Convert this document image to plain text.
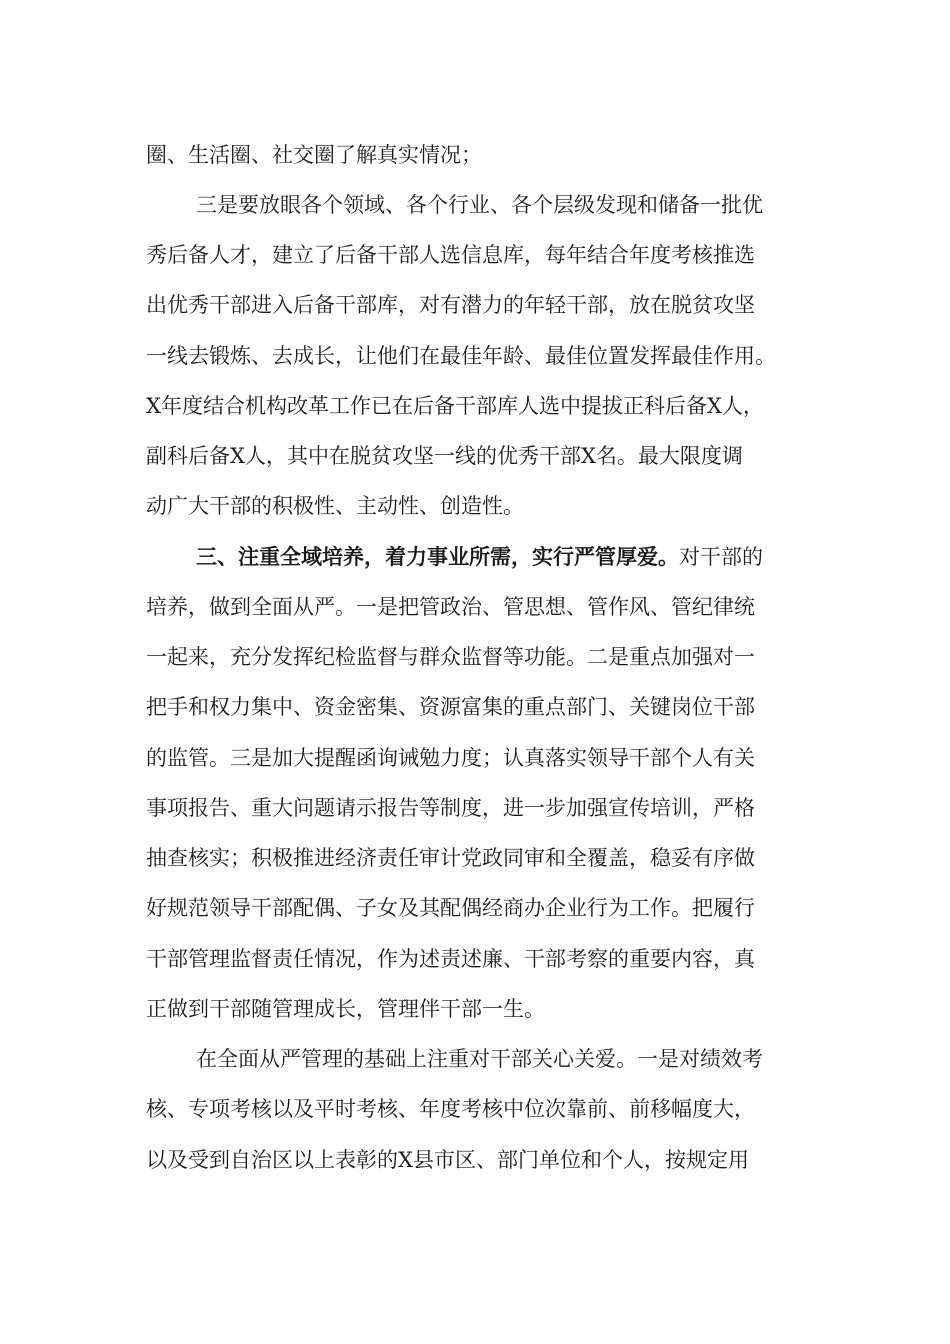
圈、生活圈、社交圈了解真实情况；
三是要放眼各个领域、各个行业、各个层级发现和储备一批优
秀后备人才，建立了后备干部人选信息库，每年结合年度考核推选
出优秀干部进入后备干部库，对有潜力的年轻干部，放在脱贫攻坚
一线去锻炼、去成长，让他们在最佳年龄、最佳位置发挥最佳作用。
X年度结合机构改革工作已在后备干部库人选中提拔正科后备X人，
副科后备X人，其中在脱贫攻坚一线的优秀干部X名。最大限度调
动广大干部的积极性、主动性、创造性。
三、注重全域培养，着力事业所需，实行严管厚爱。对干部的
培养，做到全面从严。一是把管政治、管思想、管作风、管纪律统
一起来，充分发挥纪检监督与群众监督等功能。二是重点加强对一
把手和权力集中、资金密集、资源富集的重点部门、关键岗位干部
的监管。三是加大提醒函询诫勉力度；认真落实领导干部个人有关
事项报告、重大问题请示报告等制度，进一步加强宣传培训，严格
抽查核实；积极推进经济责任审计党政同审和全覆盖，稳妥有序做
好规范领导干部配偶、子女及其配偶经商办企业行为工作。把履行
干部管理监督责任情况，作为述责述廉、干部考察的重要内容，真
正做到干部随管理成长，管理伴干部一生。
在全面从严管理的基础上注重对干部关心关爱。一是对绩效考
核、专项考核以及平时考核、年度考核中位次靠前、前移幅度大，
以及受到自治区以上表彰的X县市区、部门单位和个人，按规定用
